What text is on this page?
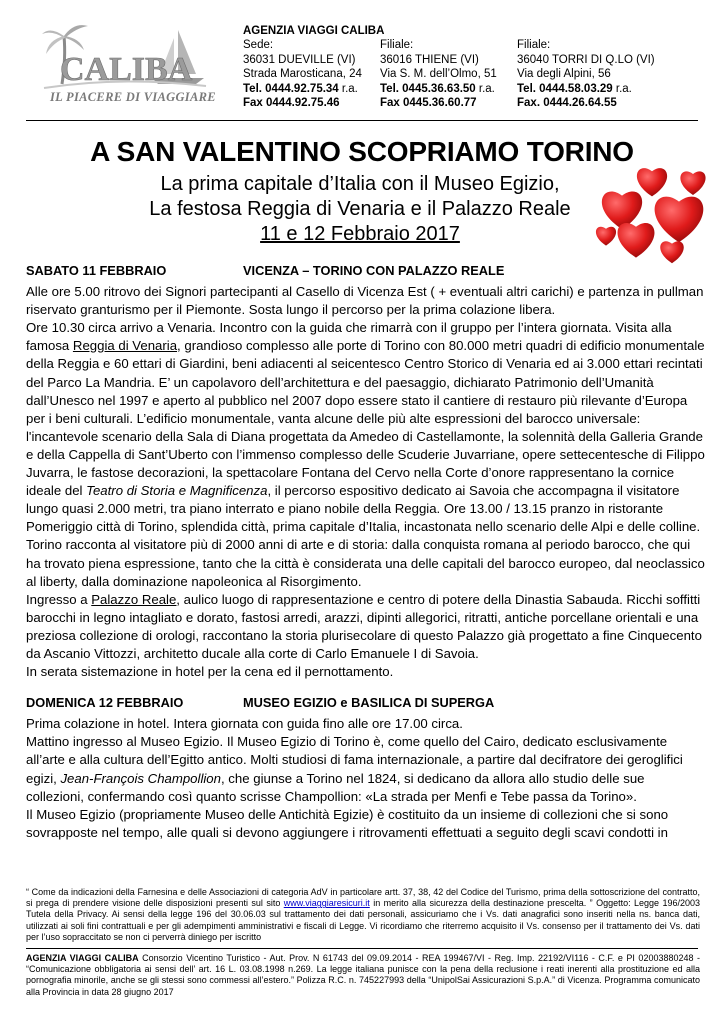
CALIBA
IL PIACERE DI VIAGGIARE
AGENZIA VIAGGI CALIBA
Sede:
36031 DUEVILLE (VI)
Strada Marosticana, 24
Tel. 0444.92.75.34 r.a.
Fax 0444.92.75.46
Filiale:
36016 THIENE (VI)
Via S. M. dell’Olmo, 51
Tel. 0445.36.63.50 r.a.
Fax 0445.36.60.77
Filiale:
36040 TORRI DI Q.LO (VI)
Via degli Alpini, 56
Tel. 0444.58.03.29 r.a.
Fax. 0444.26.64.55
A SAN VALENTINO SCOPRIAMO TORINO
La prima capitale d’Italia con il Museo Egizio,
La festosa Reggia di Venaria e il Palazzo Reale
11 e 12 Febbraio 2017
SABATO 11 FEBBRAIO	VICENZA – TORINO CON PALAZZO REALE
Alle ore 5.00 ritrovo dei Signori partecipanti al Casello di Vicenza Est ( + eventuali altri carichi) e partenza in pullman riservato granturismo per il Piemonte. Sosta lungo il percorso per la prima colazione libera.
Ore 10.30 circa arrivo a Venaria. Incontro con la guida che rimarrà con il gruppo per l’intera giornata. Visita alla famosa Reggia di Venaria, grandioso complesso alle porte di Torino con 80.000 metri quadri di edificio monumentale della Reggia e 60 ettari di Giardini, beni adiacenti al seicentesco Centro Storico di Venaria ed ai 3.000 ettari recintati del Parco La Mandria. E’ un capolavoro dell’architettura e del paesaggio, dichiarato Patrimonio dell’Umanità dall’Unesco nel 1997 e aperto al pubblico nel 2007 dopo essere stato il cantiere di restauro più rilevante d’Europa per i beni culturali. L’edificio monumentale, vanta alcune delle più alte espressioni del barocco universale: l'incantevole scenario della Sala di Diana progettata da Amedeo di Castellamonte, la solennità della Galleria Grande e della Cappella di Sant’Uberto con l’immenso complesso delle Scuderie Juvarriane, opere settecentesche di Filippo Juvarra, le fastose decorazioni, la spettacolare Fontana del Cervo nella Corte d’onore rappresentano la cornice ideale del Teatro di Storia e Magnificenza, il percorso espositivo dedicato ai Savoia che accompagna il visitatore lungo quasi 2.000 metri, tra piano interrato e piano nobile della Reggia. Ore 13.00 / 13.15 pranzo in ristorante
Pomeriggio città di Torino, splendida città, prima capitale d’Italia, incastonata nello scenario delle Alpi e delle colline. Torino racconta al visitatore più di 2000 anni di arte e di storia: dalla conquista romana al periodo barocco, che qui ha trovato piena espressione, tanto che la città è considerata una delle capitali del barocco europeo, dal neoclassico al liberty, dalla dominazione napoleonica al Risorgimento.
Ingresso a Palazzo Reale, aulico luogo di rappresentazione e centro di potere della Dinastia Sabauda. Ricchi soffitti barocchi in legno intagliato e dorato, fastosi arredi, arazzi, dipinti allegorici, ritratti, antiche porcellane orientali e una preziosa collezione di orologi, raccontano la storia plurisecolare di questo Palazzo già progettato a fine Cinquecento da Ascanio Vittozzi, architetto ducale alla corte di Carlo Emanuele I di Savoia.
In serata sistemazione in hotel per la cena ed il pernottamento.
DOMENICA 12 FEBBRAIO	MUSEO EGIZIO e BASILICA DI SUPERGA
Prima colazione in hotel. Intera giornata con guida fino alle ore 17.00 circa.
Mattino ingresso al Museo Egizio. Il Museo Egizio di Torino è, come quello del Cairo, dedicato esclusivamente all’arte e alla cultura dell’Egitto antico. Molti studiosi di fama internazionale, a partire dal decifratore dei geroglifici egizi, Jean-François Champollion, che giunse a Torino nel 1824, si dedicano da allora allo studio delle sue collezioni, confermando così quanto scrisse Champollion: «La strada per Menfi e Tebe passa da Torino».
Il Museo Egizio (propriamente Museo delle Antichità Egizie) è costituito da un insieme di collezioni che si sono sovrapposte nel tempo, alle quali si devono aggiungere i ritrovamenti effettuati a seguito degli scavi condotti in
“ Come da indicazioni della Farnesina e delle Associazioni di categoria AdV in particolare artt. 37, 38, 42 del Codice del Turismo, prima della sottoscrizione del contratto, si prega di prendere visione delle disposizioni presenti sul sito www.viaggiaresicuri.it in merito alla sicurezza della destinazione prescelta. ” Oggetto: Legge 196/2003 Tutela della Privacy. Ai sensi della legge 196 del 30.06.03 sul trattamento dei dati personali, assicuriamo che i Vs. dati anagrafici sono inseriti nella ns. banca dati, utilizzati ai soli fini contrattuali e per gli adempimenti amministrativi e fiscali di Legge. Vi ricordiamo che riterremo acquisito il Vs. consenso per il trattamento dei Vs. dati per l’uso sopraccitato se non ci perverrà diniego per iscritto
AGENZIA VIAGGI CALIBA Consorzio Vicentino Turistico - Aut. Prov. N 61743 del 09.09.2014 - REA 199467/VI - Reg. Imp. 22192/VI116 - C.F. e PI 02003880248 - “Comunicazione obbligatoria ai sensi dell’ art. 16 L. 03.08.1998 n.269. La legge italiana punisce con la pena della reclusione i reati inerenti alla prostituzione ed alla pornografia minorile, anche se gli stessi sono commessi all’estero.” Polizza R.C. n. 745227993 della “UnipolSai Assicurazioni S.p.A.” di Vicenza. Programma comunicato alla Provincia in data 28 giugno 2017
